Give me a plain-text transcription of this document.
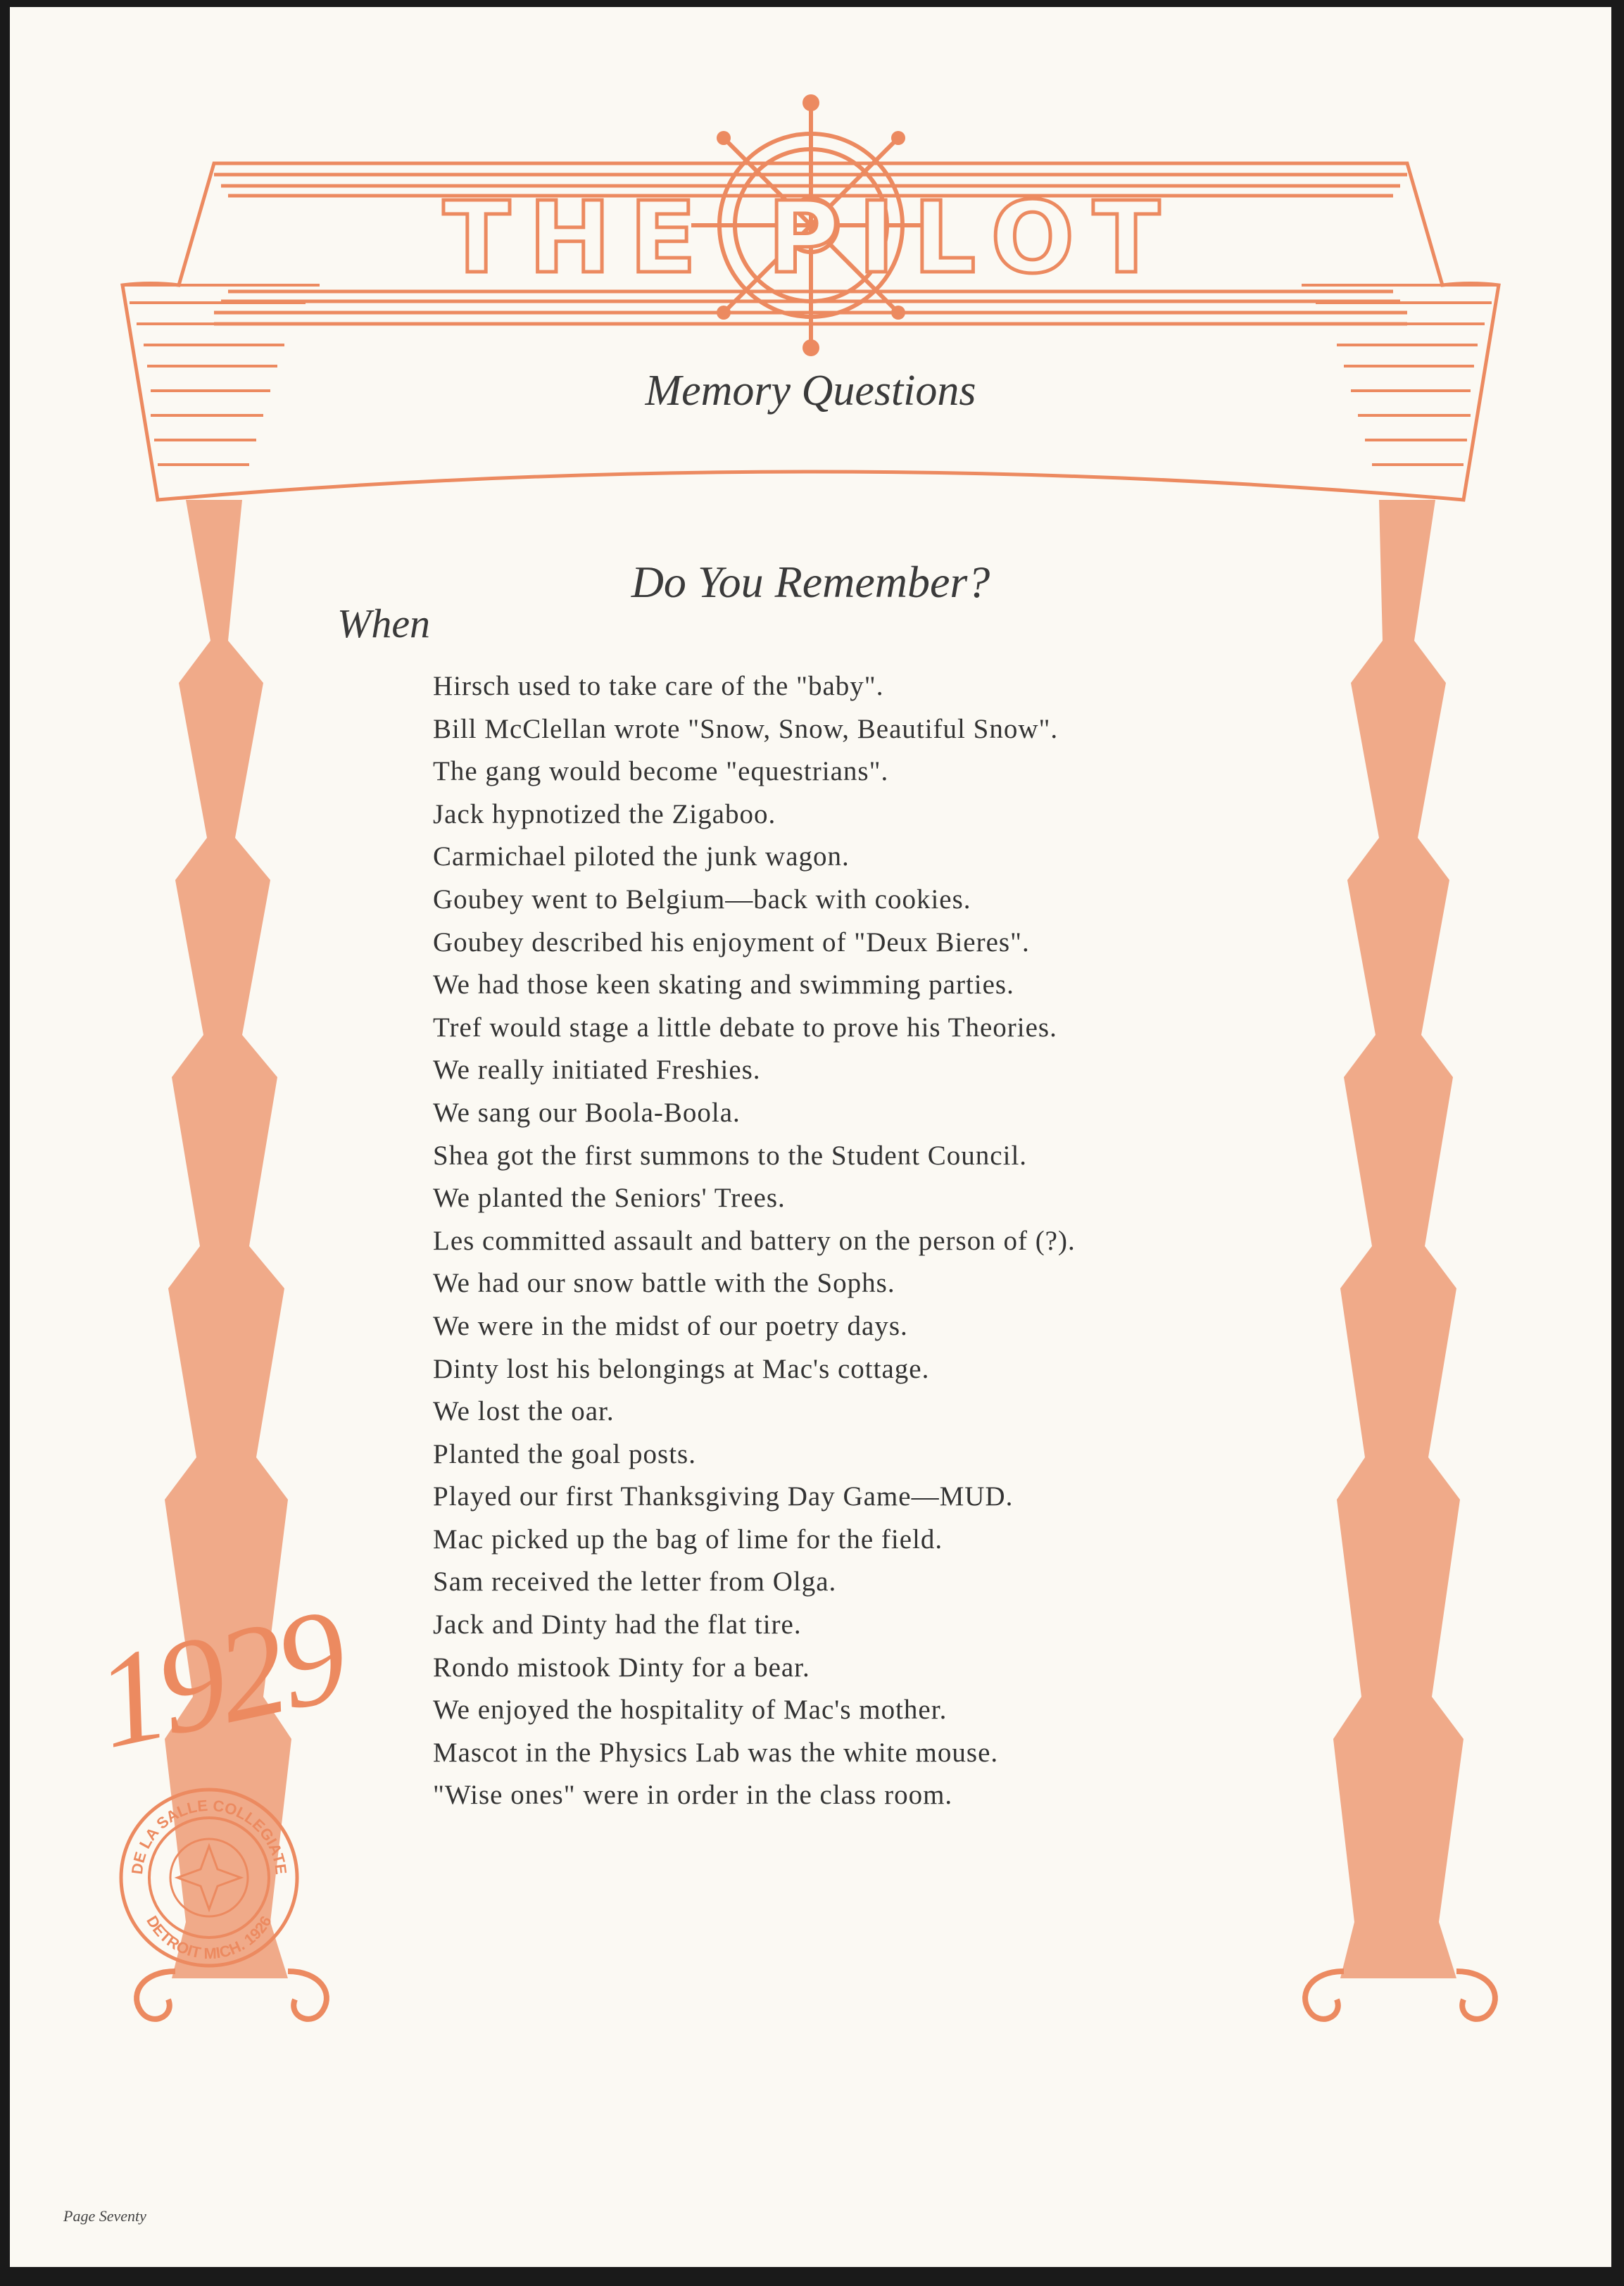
THE PILOT
Memory Questions
Do You Remember?
When
Hirsch used to take care of the "baby".
Bill McClellan wrote "Snow, Snow, Beautiful Snow".
The gang would become "equestrians".
Jack hypnotized the Zigaboo.
Carmichael piloted the junk wagon.
Goubey went to Belgium—back with cookies.
Goubey described his enjoyment of "Deux Bieres".
We had those keen skating and swimming parties.
Tref would stage a little debate to prove his Theories.
We really initiated Freshies.
We sang our Boola-Boola.
Shea got the first summons to the Student Council.
We planted the Seniors' Trees.
Les committed assault and battery on the person of (?).
We had our snow battle with the Sophs.
We were in the midst of our poetry days.
Dinty lost his belongings at Mac's cottage.
We lost the oar.
Planted the goal posts.
Played our first Thanksgiving Day Game—MUD.
Mac picked up the bag of lime for the field.
Sam received the letter from Olga.
Jack and Dinty had the flat tire.
Rondo mistook Dinty for a bear.
We enjoyed the hospitality of Mac's mother.
Mascot in the Physics Lab was the white mouse.
"Wise ones" were in order in the class room.
1929
DE LA SALLE COLLEGIATE
DETROIT MICH. 1926
Page Seventy
